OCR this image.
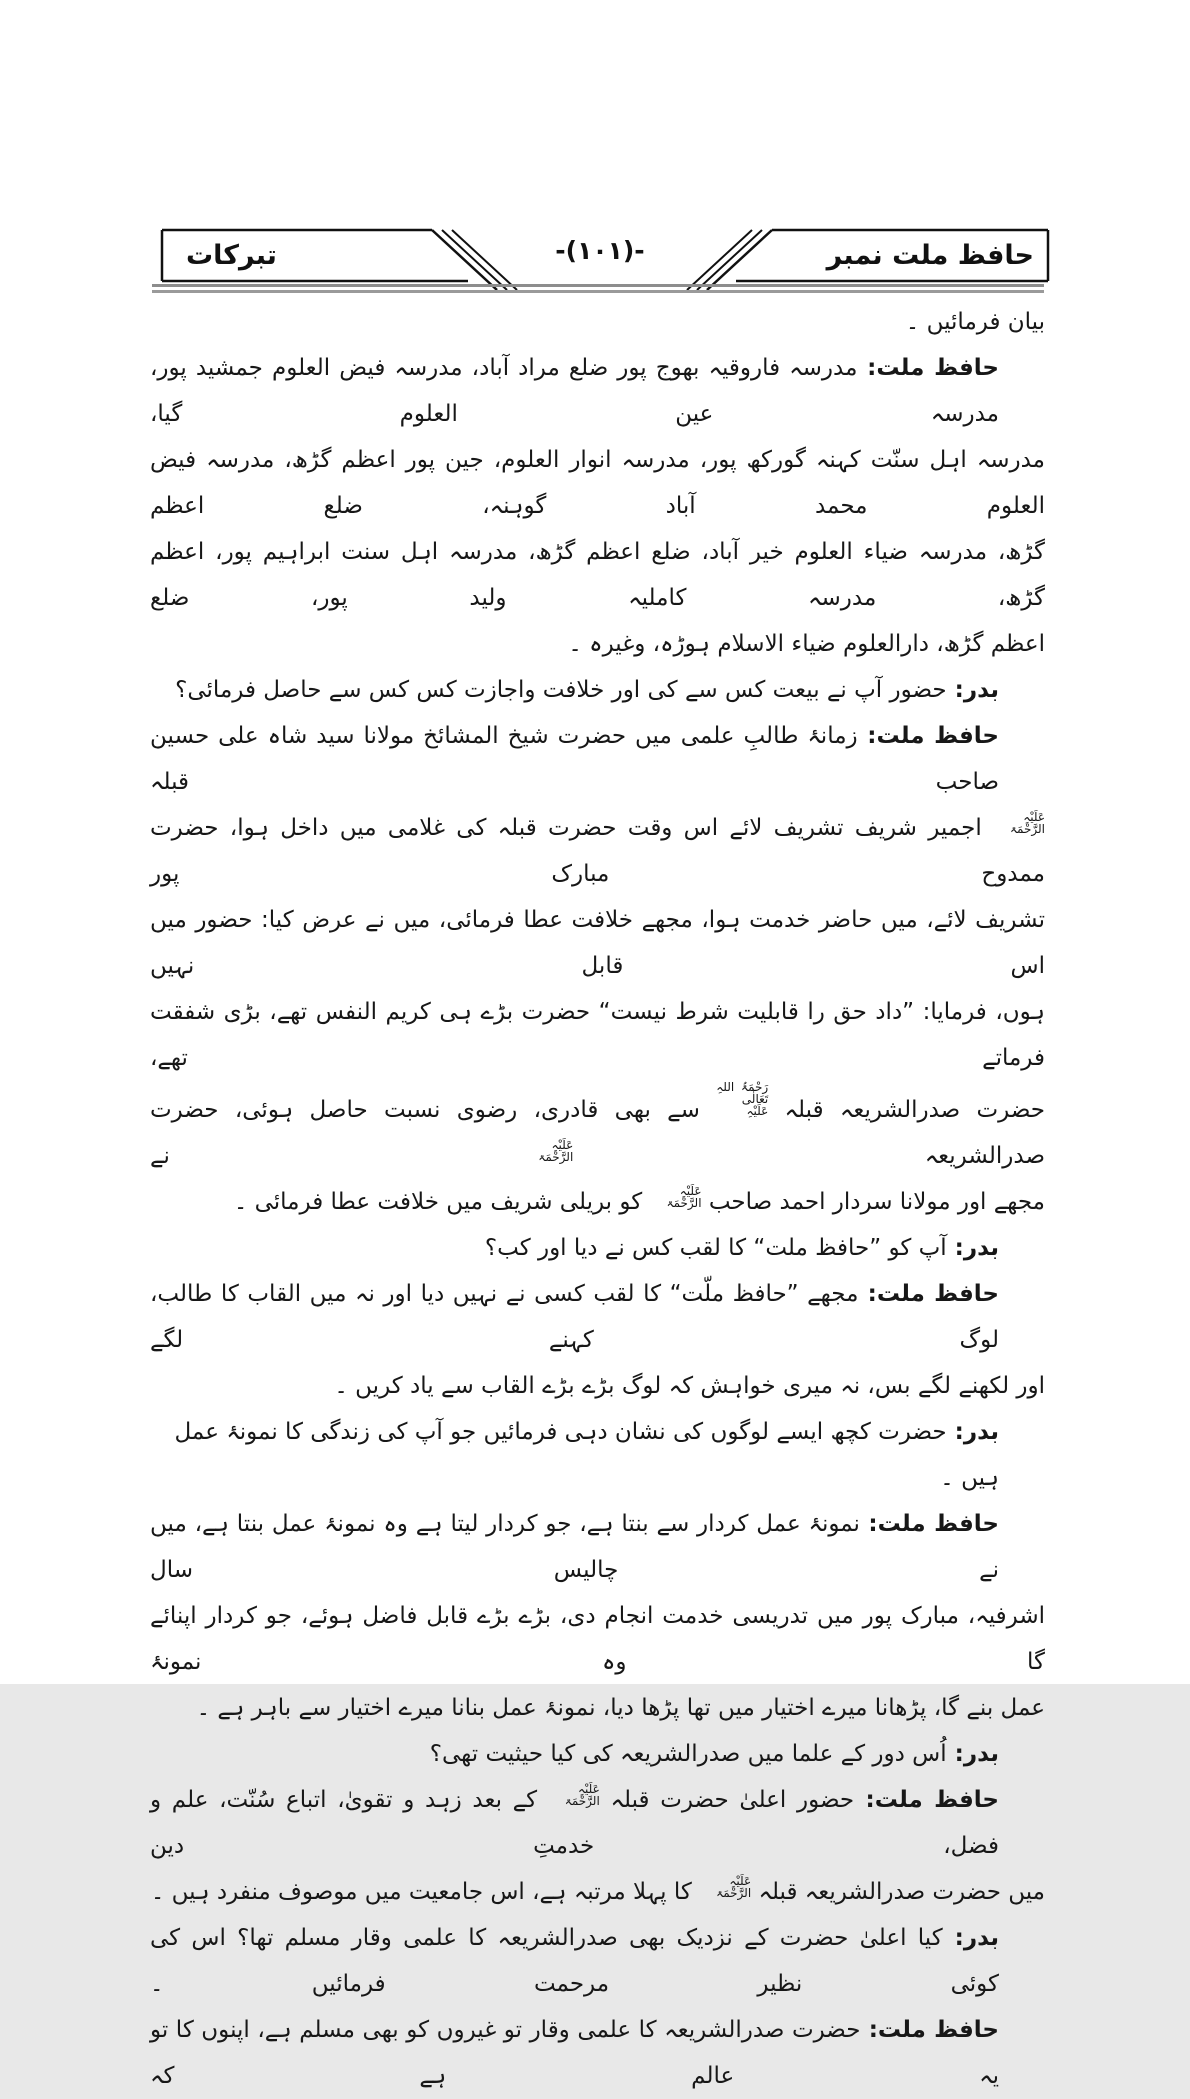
تبرکات	-(۱۰۱)-	حافظ ملت نمبر
بیان فرمائیں ۔
حافظ ملت: مدرسہ فاروقیہ بھوج پور ضلع مراد آباد، مدرسہ فیض العلوم جمشید پور، مدرسہ عین العلوم گیا،
مدرسہ اہل سنّت کہنہ گورکھ پور، مدرسہ انوار العلوم، جین پور اعظم گڑھ، مدرسہ فیض العلوم محمد آباد گوہنہ، ضلع اعظم
گڑھ، مدرسہ ضیاء العلوم خیر آباد، ضلع اعظم گڑھ، مدرسہ اہل سنت ابراہیم پور، اعظم گڑھ، مدرسہ کاملیہ ولید پور، ضلع
اعظم گڑھ، دارالعلوم ضیاء الاسلام ہوڑہ، وغیرہ ۔
بدر: حضور آپ نے بیعت کس سے کی اور خلافت واجازت کس کس سے حاصل فرمائی؟
حافظ ملت: زمانۂ طالبِ علمی میں حضرت شیخ المشائخ مولانا سید شاہ علی حسین صاحب قبلہ
عَلَیْہِ الرَّحْمَۃ اجمیر شریف تشریف لائے اس وقت حضرت قبلہ کی غلامی میں داخل ہوا، حضرت ممدوح مبارک پور
تشریف لائے، میں حاضر خدمت ہوا، مجھے خلافت عطا فرمائی، میں نے عرض کیا: حضور میں اس قابل نہیں
ہوں، فرمایا: ”داد حق را قابلیت شرط نیست“ حضرت بڑے ہی کریم النفس تھے، بڑی شفقت فرماتے تھے،
حضرت صدرالشریعہ قبلہ رَحْمَۃُ اللہِ تَعَالٰی عَلَیْہِ سے بھی قادری، رضوی نسبت حاصل ہوئی، حضرت صدرالشریعہ عَلَیْہِ الرَّحْمَۃ نے
مجھے اور مولانا سردار احمد صاحب عَلَیْہِ الرَّحْمَۃ کو بریلی شریف میں خلافت عطا فرمائی ۔
بدر: آپ کو ”حافظ ملت“ کا لقب کس نے دیا اور کب؟
حافظ ملت: مجھے ”حافظ ملّت“ کا لقب کسی نے نہیں دیا اور نہ میں القاب کا طالب، لوگ کہنے لگے
اور لکھنے لگے بس، نہ میری خواہش کہ لوگ بڑے بڑے القاب سے یاد کریں ۔
بدر: حضرت کچھ ایسے لوگوں کی نشان دہی فرمائیں جو آپ کی زندگی کا نمونۂ عمل ہیں ۔
حافظ ملت: نمونۂ عمل کردار سے بنتا ہے، جو کردار لیتا ہے وہ نمونۂ عمل بنتا ہے، میں نے چالیس سال
اشرفیہ، مبارک پور میں تدریسی خدمت انجام دی، بڑے بڑے قابل فاضل ہوئے، جو کردار اپنائے گا وہ نمونۂ
عمل بنے گا، پڑھانا میرے اختیار میں تھا پڑھا دیا، نمونۂ عمل بنانا میرے اختیار سے باہر ہے ۔
بدر: اُس دور کے علما میں صدرالشریعہ کی کیا حیثیت تھی؟
حافظ ملت: حضور اعلیٰ حضرت قبلہ عَلَیْہِ الرَّحْمَۃ کے بعد زہد و تقویٰ، اتباع سُنّت، علم و فضل، خدمتِ دین
میں حضرت صدرالشریعہ قبلہ عَلَیْہِ الرَّحْمَۃ کا پہلا مرتبہ ہے، اس جامعیت میں موصوف منفرد ہیں ۔
بدر: کیا اعلیٰ حضرت کے نزدیک بھی صدرالشریعہ کا علمی وقار مسلم تھا؟ اس کی کوئی نظیر مرحمت فرمائیں ۔
حافظ ملت: حضرت صدرالشریعہ کا علمی وقار تو غیروں کو بھی مسلم ہے، اپنوں کا تو یہ عالم ہے کہ
